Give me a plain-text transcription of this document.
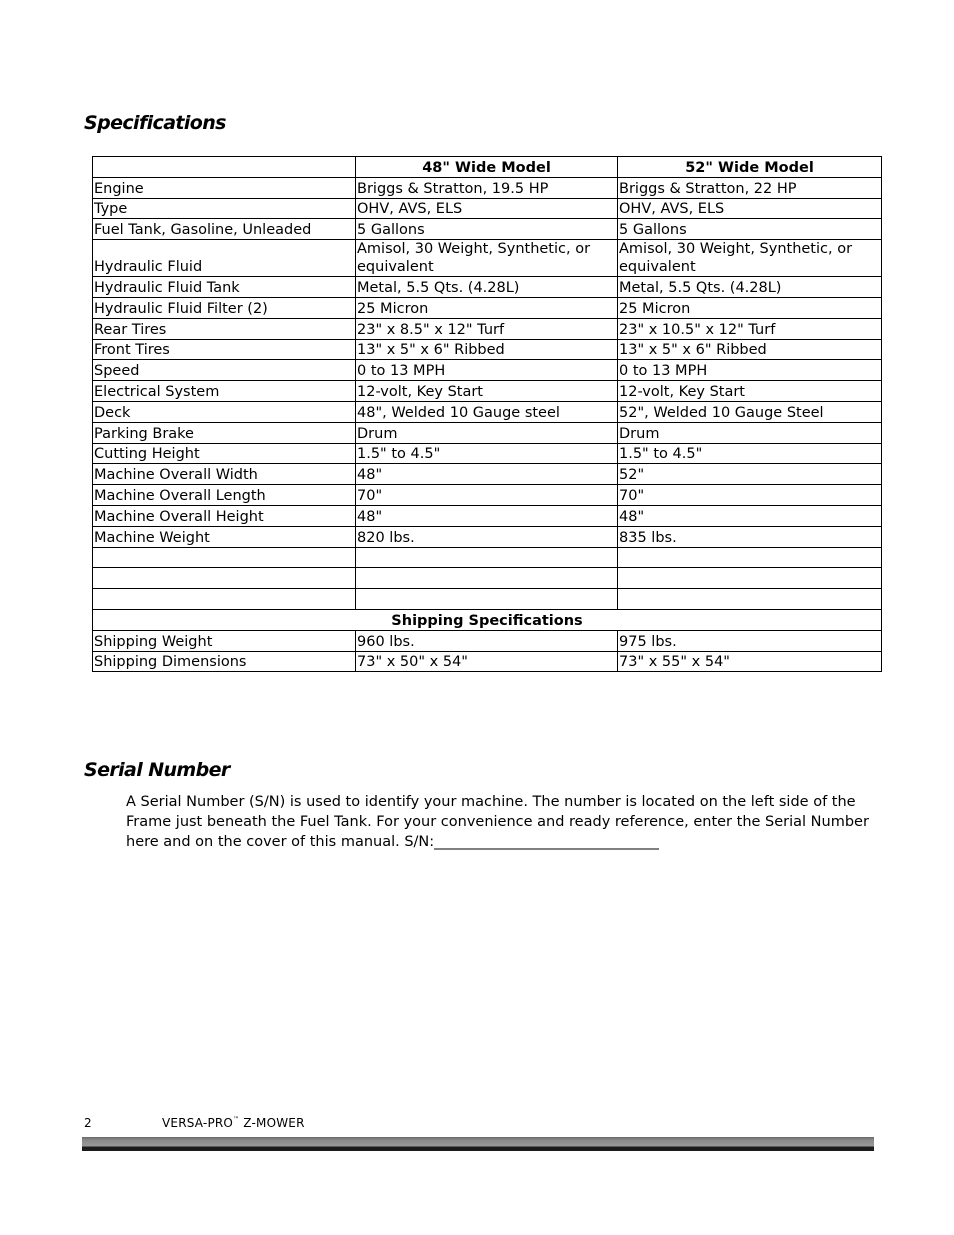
Specifications
	48" Wide Model	52" Wide Model
Engine	Briggs & Stratton, 19.5 HP	Briggs & Stratton, 22 HP
Type	OHV, AVS, ELS	OHV, AVS, ELS
Fuel Tank, Gasoline, Unleaded	5 Gallons	5 Gallons
Hydraulic Fluid	Amisol, 30 Weight, Synthetic, or equivalent	Amisol, 30 Weight, Synthetic, or equivalent
Hydraulic Fluid Tank	Metal, 5.5 Qts. (4.28L)	Metal, 5.5 Qts. (4.28L)
Hydraulic Fluid Filter (2)	25 Micron	25 Micron
Rear Tires	23" x 8.5" x 12" Turf	23" x 10.5" x 12" Turf
Front Tires	13" x 5" x 6" Ribbed	13" x 5" x 6" Ribbed
Speed	0 to 13 MPH	0 to 13 MPH
Electrical System	12-volt, Key Start	12-volt, Key Start
Deck	48", Welded 10 Gauge steel	52", Welded 10 Gauge Steel
Parking Brake	Drum	Drum
Cutting Height	1.5" to 4.5"	1.5" to 4.5"
Machine Overall Width	48"	52"
Machine Overall Length	70"	70"
Machine Overall Height	48"	48"
Machine Weight	820 lbs.	835 lbs.

Shipping Specifications		
Shipping Weight	960 lbs.	975 lbs.
Shipping Dimensions	73" x 50" x 54"	73" x 55" x 54"
Serial Number

A Serial Number (S/N) is used to identify your machine. The number is located on the left side of the
Frame just beneath the Fuel Tank. For your convenience and ready reference, enter the Serial Number
here and on the cover of this manual. S/N:_______________________________

2	VERSA-PRO™ Z-MOWER
